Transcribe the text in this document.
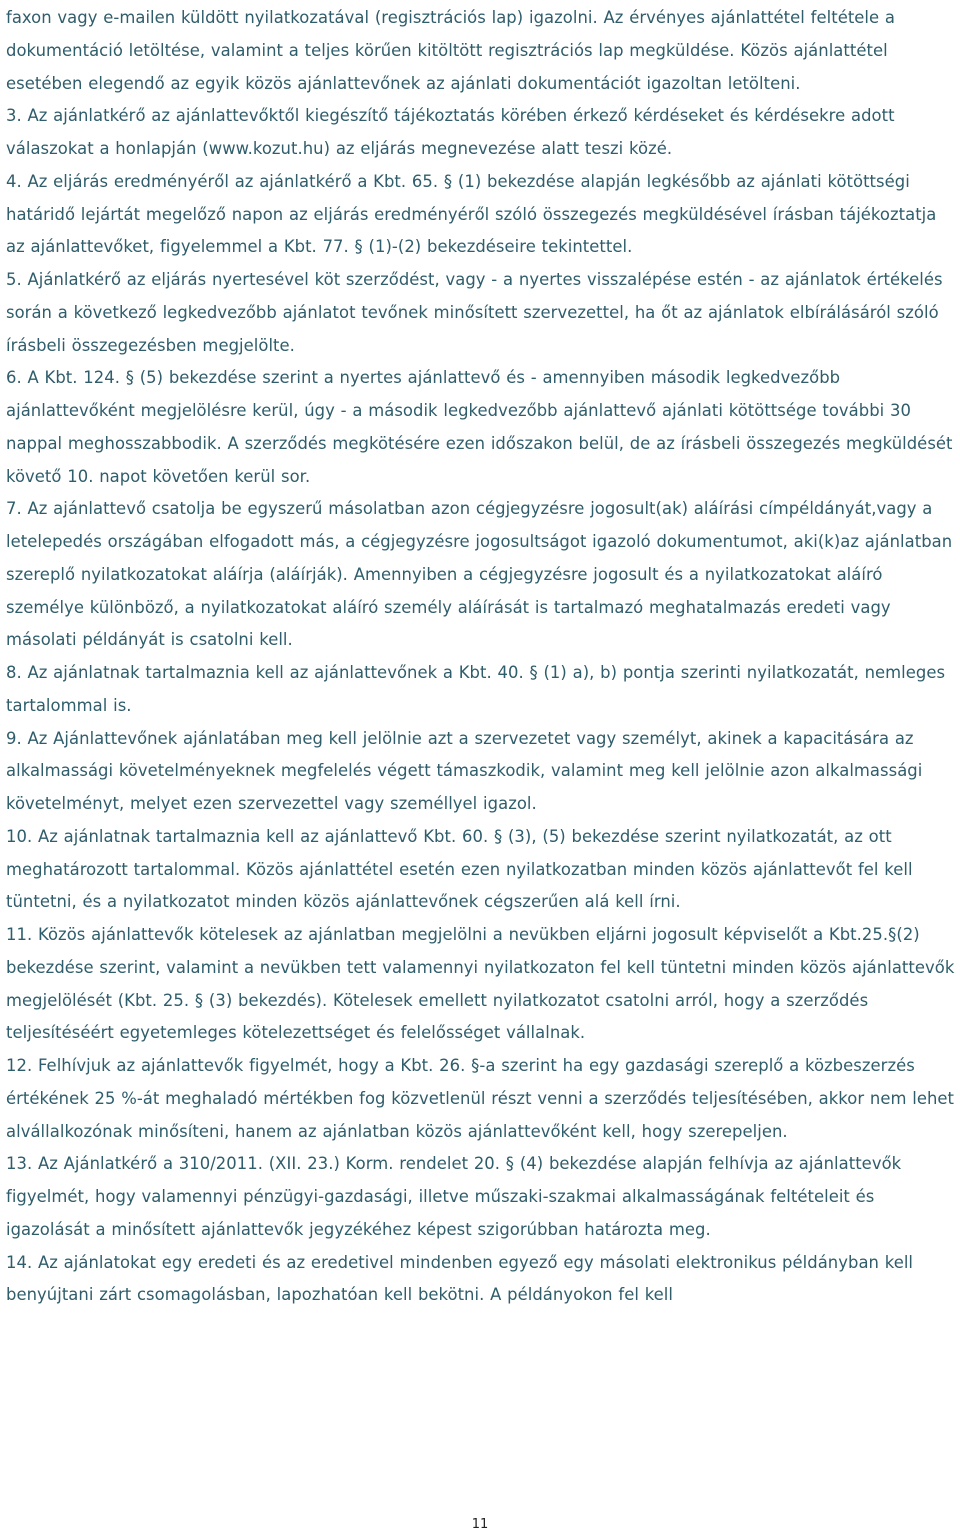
faxon vagy e-mailen küldött nyilatkozatával (regisztrációs lap) igazolni. Az érvényes ajánlattétel feltétele a dokumentáció letöltése, valamint a teljes körűen kitöltött regisztrációs lap megküldése. Közös ajánlattétel esetében elegendő az egyik közös ajánlattevőnek az ajánlati dokumentációt igazoltan letölteni.

3. Az ajánlatkérő az ajánlattevőktől kiegészítő tájékoztatás körében érkező kérdéseket és kérdésekre adott válaszokat a honlapján (www.kozut.hu) az eljárás megnevezése alatt teszi közé.

4. Az eljárás eredményéről az ajánlatkérő a Kbt. 65. § (1) bekezdése alapján legkésőbb az ajánlati kötöttségi határidő lejártát megelőző napon az eljárás eredményéről szóló összegezés megküldésével írásban tájékoztatja az ajánlattevőket, figyelemmel a Kbt. 77. § (1)-(2) bekezdéseire tekintettel.

5. Ajánlatkérő az eljárás nyertesével köt szerződést, vagy - a nyertes visszalépése estén - az ajánlatok értékelés során a következő legkedvezőbb ajánlatot tevőnek minősített szervezettel, ha őt az ajánlatok elbírálásáról szóló írásbeli összegezésben megjelölte.

6. A Kbt. 124. § (5) bekezdése szerint a nyertes ajánlattevő és - amennyiben második legkedvezőbb ajánlattevőként megjelölésre kerül, úgy - a második legkedvezőbb ajánlattevő ajánlati kötöttsége további 30 nappal meghosszabbodik. A szerződés megkötésére ezen időszakon belül, de az írásbeli összegezés megküldését követő 10. napot követően kerül sor.

7. Az ajánlattevő csatolja be egyszerű másolatban azon cégjegyzésre jogosult(ak) aláírási címpéldányát,vagy a letelepedés országában elfogadott más, a cégjegyzésre jogosultságot igazoló dokumentumot, aki(k)az ajánlatban szereplő nyilatkozatokat aláírja (aláírják). Amennyiben a cégjegyzésre jogosult és a nyilatkozatokat aláíró személye különböző, a nyilatkozatokat aláíró személy aláírását is tartalmazó meghatalmazás eredeti vagy másolati példányát is csatolni kell.

8. Az ajánlatnak tartalmaznia kell az ajánlattevőnek a Kbt. 40. § (1) a), b) pontja szerinti nyilatkozatát, nemleges tartalommal is.

9. Az Ajánlattevőnek ajánlatában meg kell jelölnie azt a szervezetet vagy személyt, akinek a kapacitására az alkalmassági követelményeknek megfelelés végett támaszkodik, valamint meg kell jelölnie azon alkalmassági követelményt, melyet ezen szervezettel vagy személlyel igazol.

10. Az ajánlatnak tartalmaznia kell az ajánlattevő Kbt. 60. § (3), (5) bekezdése szerint nyilatkozatát, az ott meghatározott tartalommal. Közös ajánlattétel esetén ezen nyilatkozatban minden közös ajánlattevőt fel kell tüntetni, és a nyilatkozatot minden közös ajánlattevőnek cégszerűen alá kell írni.

11. Közös ajánlattevők kötelesek az ajánlatban megjelölni a nevükben eljárni jogosult képviselőt a Kbt.25.§(2) bekezdése szerint, valamint a nevükben tett valamennyi nyilatkozaton fel kell tüntetni minden közös ajánlattevők megjelölését (Kbt. 25. § (3) bekezdés). Kötelesek emellett nyilatkozatot csatolni arról, hogy a szerződés teljesítéséért egyetemleges kötelezettséget és felelősséget vállalnak.

12. Felhívjuk az ajánlattevők figyelmét, hogy a Kbt. 26. §-a szerint ha egy gazdasági szereplő a közbeszerzés értékének 25 %-át meghaladó mértékben fog közvetlenül részt venni a szerződés teljesítésében, akkor nem lehet alvállalkozónak minősíteni, hanem az ajánlatban közös ajánlattevőként kell, hogy szerepeljen.

13. Az Ajánlatkérő a 310/2011. (XII. 23.) Korm. rendelet 20. § (4) bekezdése alapján felhívja az ajánlattevők figyelmét, hogy valamennyi pénzügyi-gazdasági, illetve műszaki-szakmai alkalmasságának feltételeit és igazolását a minősített ajánlattevők jegyzékéhez képest szigorúbban határozta meg.

14. Az ajánlatokat egy eredeti és az eredetivel mindenben egyező egy másolati elektronikus példányban kell benyújtani zárt csomagolásban, lapozhatóan kell bekötni. A példányokon fel kell

11
